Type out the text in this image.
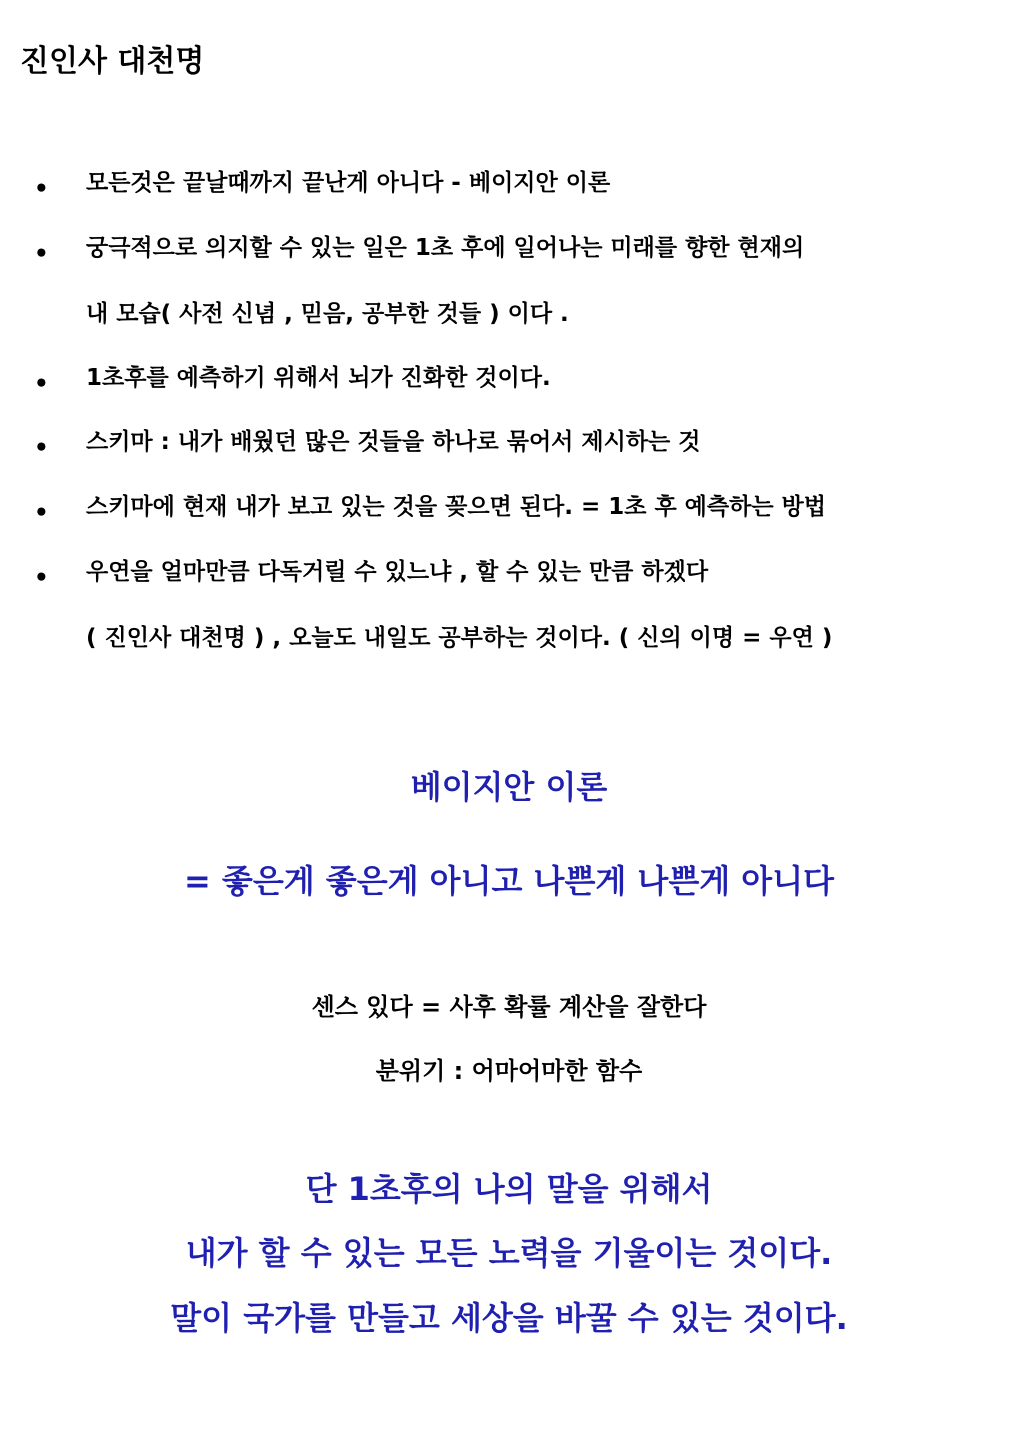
진인사 대천명
• 모든것은 끝날때까지 끝난게 아니다 - 베이지안 이론
• 궁극적으로 의지할 수 있는 일은 1초 후에 일어나는 미래를 향한 현재의
내 모습( 사전 신념 , 믿음, 공부한 것들 ) 이다 .
• 1초후를 예측하기 위해서 뇌가 진화한 것이다.
• 스키마 : 내가 배웠던 많은 것들을 하나로 묶어서 제시하는 것
• 스키마에 현재 내가 보고 있는 것을 꽂으면 된다. = 1초 후 예측하는 방법
• 우연을 얼마만큼 다독거릴 수 있느냐 , 할 수 있는 만큼 하겠다
( 진인사 대천명 ) , 오늘도 내일도 공부하는 것이다. ( 신의 이명 = 우연 )
베이지안 이론
= 좋은게 좋은게 아니고 나쁜게 나쁜게 아니다
센스 있다 = 사후 확률 계산을 잘한다
분위기 : 어마어마한 함수
단 1초후의 나의 말을 위해서
내가 할 수 있는 모든 노력을 기울이는 것이다.
말이 국가를 만들고 세상을 바꿀 수 있는 것이다.
